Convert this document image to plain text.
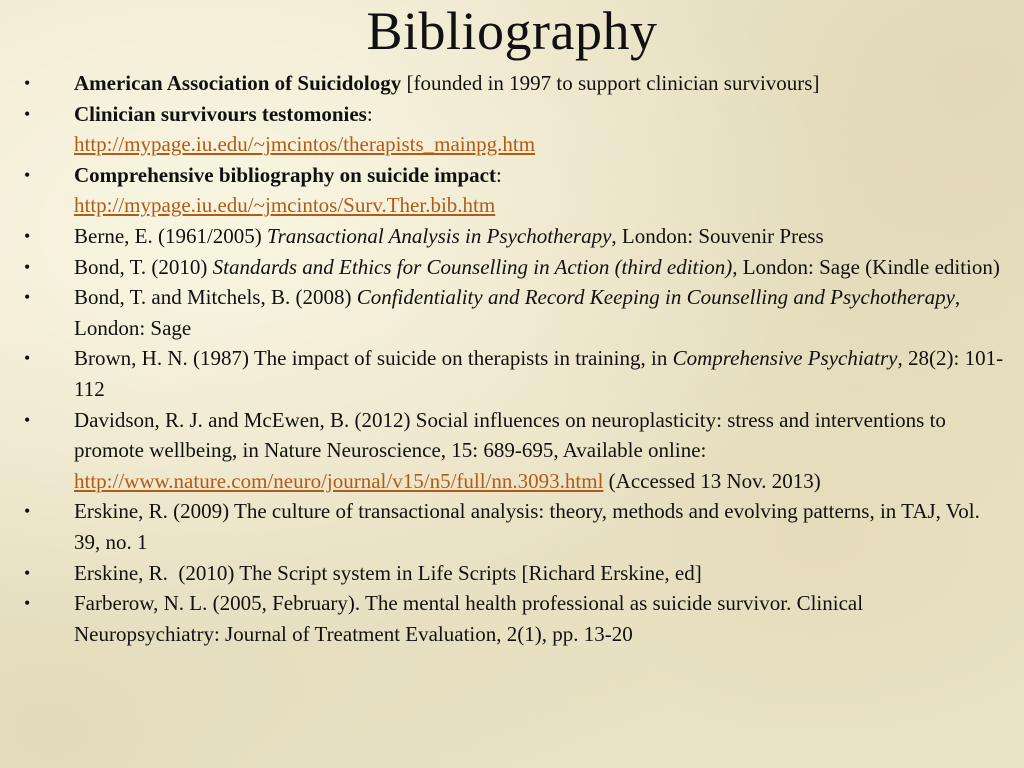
Bibliography
•	American Association of Suicidology [founded in 1997 to support clinician survivours]
•	Clinician survivours testomonies:
http://mypage.iu.edu/~jmcintos/therapists_mainpg.htm
•	Comprehensive bibliography on suicide impact:
http://mypage.iu.edu/~jmcintos/Surv.Ther.bib.htm
•	Berne, E. (1961/2005) Transactional Analysis in Psychotherapy, London: Souvenir Press
•	Bond, T. (2010) Standards and Ethics for Counselling in Action (third edition), London: Sage (Kindle edition)
•	Bond, T. and Mitchels, B. (2008) Confidentiality and Record Keeping in Counselling and Psychotherapy, London: Sage
•	Brown, H. N. (1987) The impact of suicide on therapists in training, in Comprehensive Psychiatry, 28(2): 101-112
•	Davidson, R. J. and McEwen, B. (2012) Social influences on neuroplasticity: stress and interventions to promote wellbeing, in Nature Neuroscience, 15: 689-695, Available online: http://www.nature.com/neuro/journal/v15/n5/full/nn.3093.html (Accessed 13 Nov. 2013)
•	Erskine, R. (2009) The culture of transactional analysis: theory, methods and evolving patterns, in TAJ, Vol. 39, no. 1
•	Erskine, R.  (2010) The Script system in Life Scripts [Richard Erskine, ed]
•	Farberow, N. L. (2005, February). The mental health professional as suicide survivor. Clinical Neuropsychiatry: Journal of Treatment Evaluation, 2(1), pp. 13-20
